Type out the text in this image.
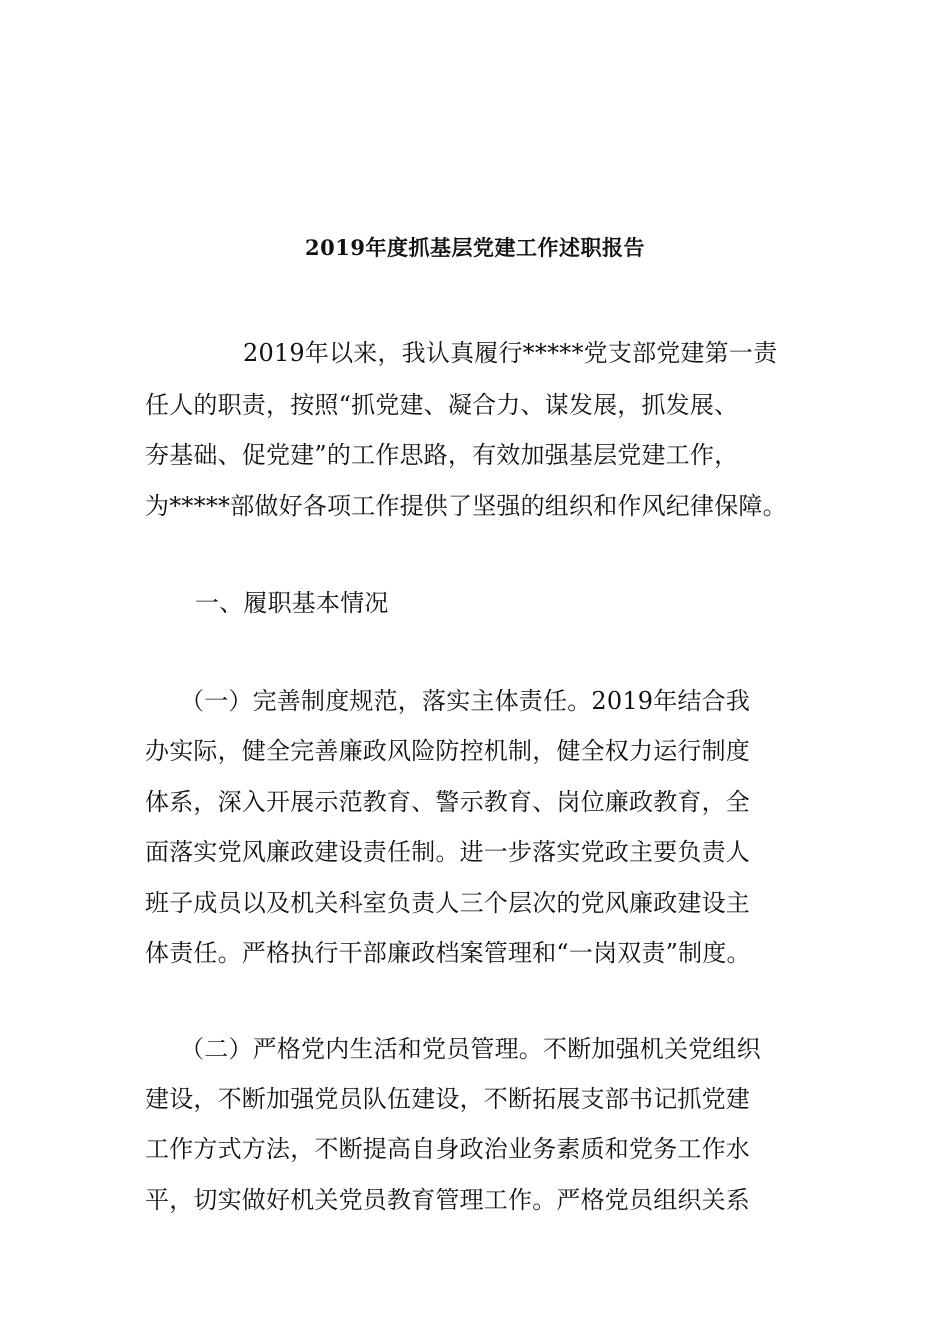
2019年度抓基层党建工作述职报告
2019年以来，我认真履行*****党支部党建第一责
任人的职责，按照“抓党建、凝合力、谋发展，抓发展、
夯基础、促党建”的工作思路，有效加强基层党建工作，
为*****部做好各项工作提供了坚强的组织和作风纪律保障。
一、履职基本情况
（一）完善制度规范，落实主体责任。2019年结合我
办实际，健全完善廉政风险防控机制，健全权力运行制度
体系，深入开展示范教育、警示教育、岗位廉政教育，全
面落实党风廉政建设责任制。进一步落实党政主要负责人
班子成员以及机关科室负责人三个层次的党风廉政建设主
体责任。严格执行干部廉政档案管理和“一岗双责”制度。
（二）严格党内生活和党员管理。不断加强机关党组织
建设，不断加强党员队伍建设，不断拓展支部书记抓党建
工作方式方法，不断提高自身政治业务素质和党务工作水
平，切实做好机关党员教育管理工作。严格党员组织关系
